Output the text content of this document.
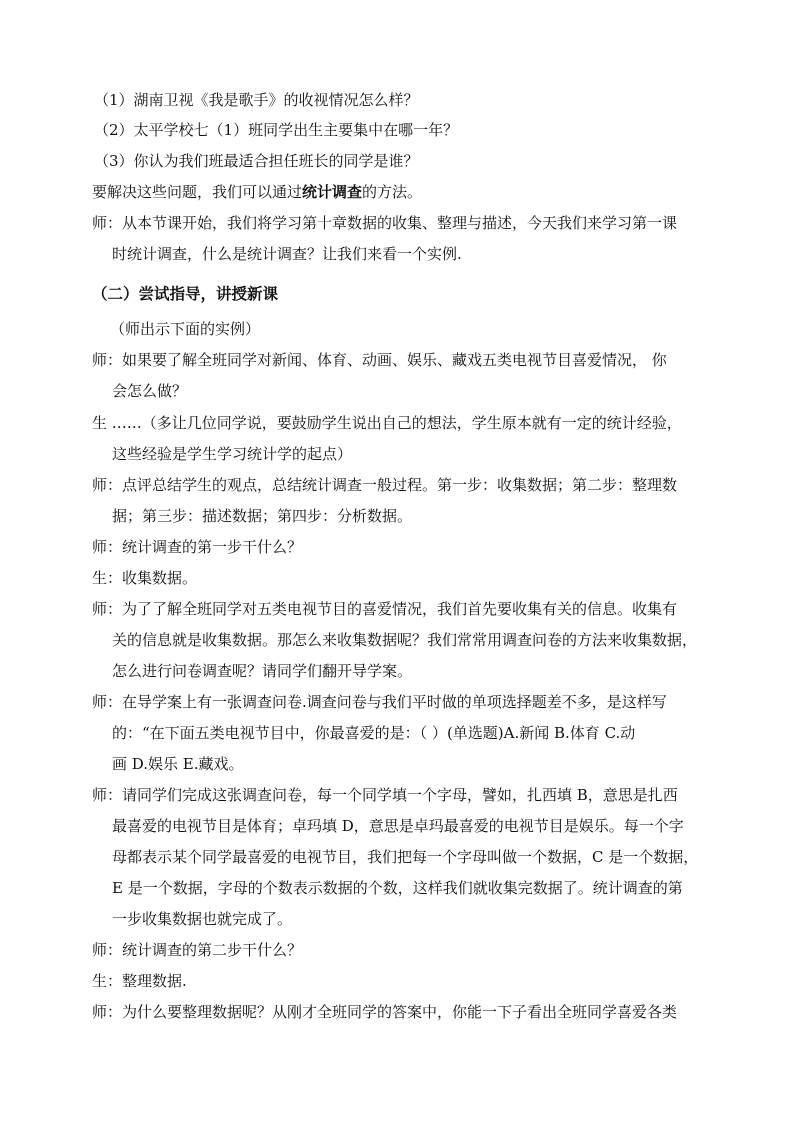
（1）湖南卫视《我是歌手》的收视情况怎么样？
（2）太平学校七（1）班同学出生主要集中在哪一年？
（3）你认为我们班最适合担任班长的同学是谁？
要解决这些问题，我们可以通过统计调查的方法。
师：从本节课开始，我们将学习第十章数据的收集、整理与描述，今天我们来学习第一课
时统计调查，什么是统计调查？让我们来看一个实例.
（二）尝试指导，讲授新课
（师出示下面的实例）
师：如果要了解全班同学对新闻、体育、动画、娱乐、藏戏五类电视节目喜爱情况， 你
会怎么做？
生 ……（多让几位同学说，要鼓励学生说出自己的想法，学生原本就有一定的统计经验，
这些经验是学生学习统计学的起点）
师：点评总结学生的观点，总结统计调查一般过程。第一步：收集数据；第二步：整理数
据；第三步：描述数据；第四步：分析数据。
师：统计调查的第一步干什么？
生：收集数据。
师：为了了解全班同学对五类电视节目的喜爱情况，我们首先要收集有关的信息。收集有
关的信息就是收集数据。那怎么来收集数据呢？我们常常用调查问卷的方法来收集数据，
怎么进行问卷调查呢？请同学们翻开导学案。
师：在导学案上有一张调查问卷.调查问卷与我们平时做的单项选择题差不多，是这样写
的：“在下面五类电视节目中，你最喜爱的是：（ ）(单选题)A.新闻 B.体育 C.动
画 D.娱乐 E.藏戏。
师：请同学们完成这张调查问卷，每一个同学填一个字母，譬如，扎西填 B，意思是扎西
最喜爱的电视节目是体育；卓玛填 D，意思是卓玛最喜爱的电视节目是娱乐。每一个字
母都表示某个同学最喜爱的电视节目，我们把每一个字母叫做一个数据，C 是一个数据，
E 是一个数据，字母的个数表示数据的个数，这样我们就收集完数据了。统计调查的第
一步收集数据也就完成了。
师：统计调查的第二步干什么？
生：整理数据.
师：为什么要整理数据呢？从刚才全班同学的答案中，你能一下子看出全班同学喜爱各类
